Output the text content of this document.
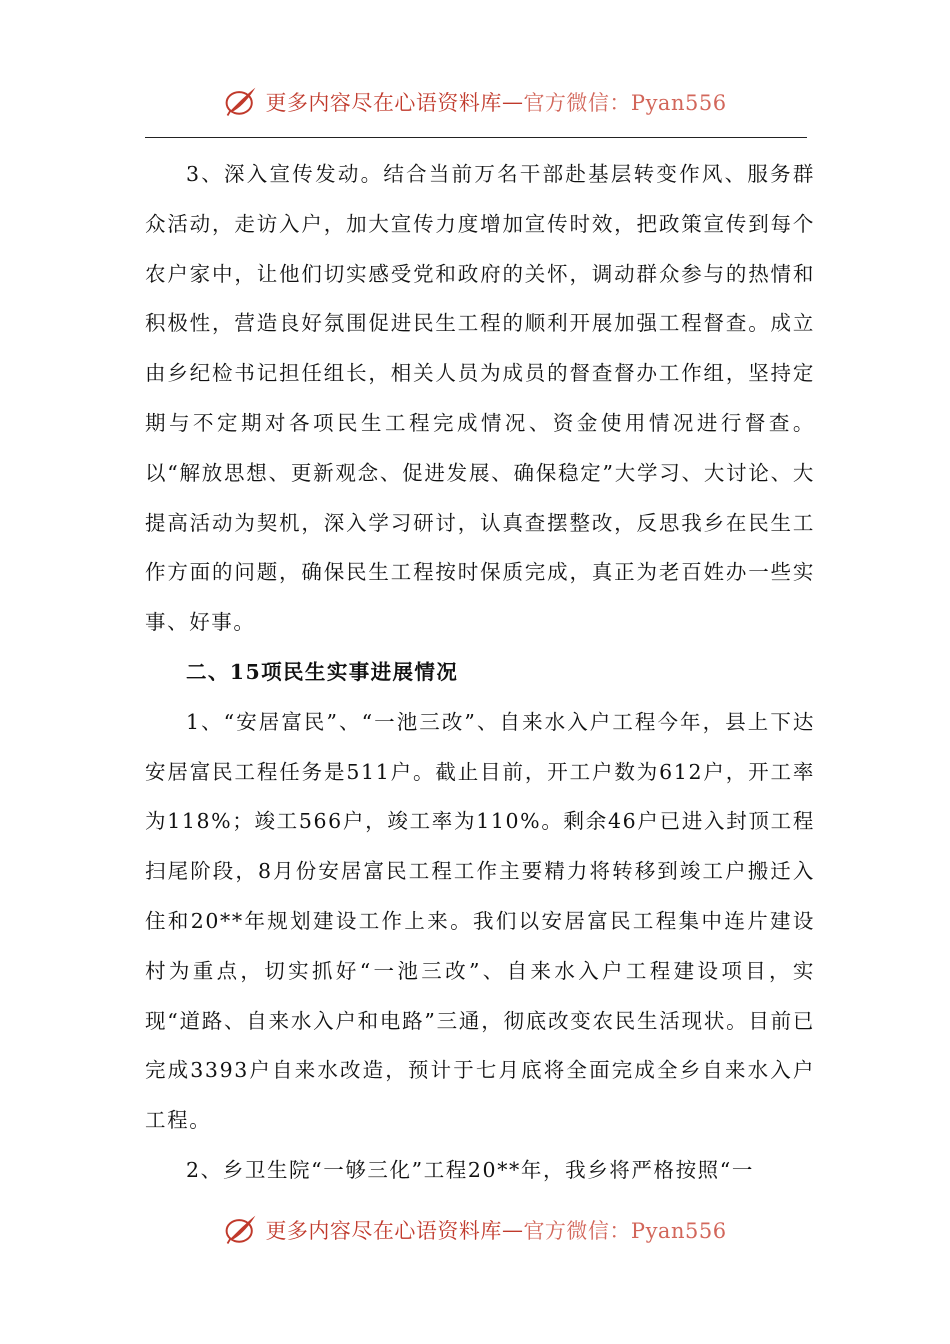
更多内容尽在心语资料库 — 官方微信：Pyan556

3、深入宣传发动。结合当前万名干部赴基层转变作风、服务群众活动，走访入户，加大宣传力度增加宣传时效，把政策宣传到每个农户家中，让他们切实感受党和政府的关怀，调动群众参与的热情和积极性，营造良好氛围促进民生工程的顺利开展加强工程督查。成立由乡纪检书记担任组长，相关人员为成员的督查督办工作组，坚持定期与不定期对各项民生工程完成情况、资金使用情况进行督查。以“解放思想、更新观念、促进发展、确保稳定”大学习、大讨论、大提高活动为契机，深入学习研讨，认真查摆整改，反思我乡在民生工作方面的问题，确保民生工程按时保质完成，真正为老百姓办一些实事、好事。

二、15项民生实事进展情况

1、“安居富民”、“一池三改”、自来水入户工程今年，县上下达安居富民工程任务是511户。截止目前，开工户数为612户，开工率为118%；竣工566户，竣工率为110%。剩余46户已进入封顶工程扫尾阶段，8月份安居富民工程工作主要精力将转移到竣工户搬迁入住和20**年规划建设工作上来。我们以安居富民工程集中连片建设村为重点，切实抓好“一池三改”、自来水入户工程建设项目，实现“道路、自来水入户和电路”三通，彻底改变农民生活现状。目前已完成3393户自来水改造，预计于七月底将全面完成全乡自来水入户工程。

2、乡卫生院“一够三化”工程20**年，我乡将严格按照“一

更多内容尽在心语资料库 — 官方微信：Pyan556
